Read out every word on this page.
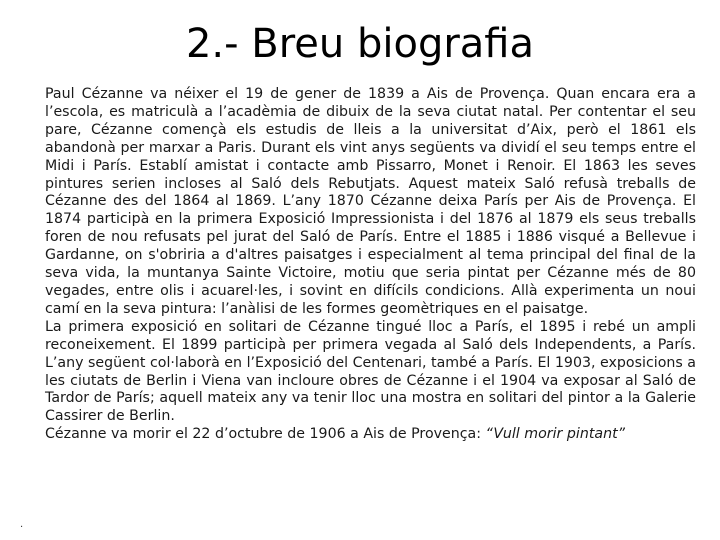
2.- Breu biografia

Paul Cézanne va néixer el 19 de gener de 1839 a Ais de Provença. Quan encara era a l’escola, es matriculà a l’acadèmia de dibuix de la seva ciutat natal. Per contentar el seu pare, Cézanne començà els estudis de lleis a la universitat d’Aix, però el 1861 els abandonà per marxar a Paris. Durant els vint anys següents va dividí el seu temps entre el Midi i París. Establí amistat i contacte amb Pissarro, Monet i Renoir. El 1863 les seves pintures serien incloses al Saló dels Rebutjats. Aquest mateix Saló refusà treballs de Cézanne des del 1864 al 1869. L’any 1870 Cézanne deixa París per Ais de Provença. El 1874 participà en la primera Exposició Impressionista i del 1876 al 1879 els seus treballs foren de nou refusats pel jurat del Saló de París. Entre el 1885 i 1886 visqué a Bellevue i Gardanne, on s'obriria a d'altres paisatges i especialment al tema principal del final de la seva vida, la muntanya Sainte Victoire, motiu que seria pintat per Cézanne més de 80 vegades, entre olis i acuarel·les, i sovint en difícils condicions. Allà experimenta un noui camí en la seva pintura: l’anàlisi de les formes geomètriques en el paisatge.

La primera exposició en solitari de Cézanne tingué lloc a París, el 1895 i rebé un ampli reconeixement. El 1899 participà per primera vegada al Saló dels Independents, a París. L’any següent col·laborà en l’Exposició del Centenari, també a París. El 1903, exposicions a les ciutats de Berlin i Viena van incloure obres de Cézanne i el 1904 va exposar al Saló de Tardor de París; aquell mateix any va tenir lloc una mostra en solitari del pintor a la Galerie Cassirer de Berlin.

Cézanne va morir el 22 d’octubre de 1906 a Ais de Provença: “Vull morir pintant”

.
